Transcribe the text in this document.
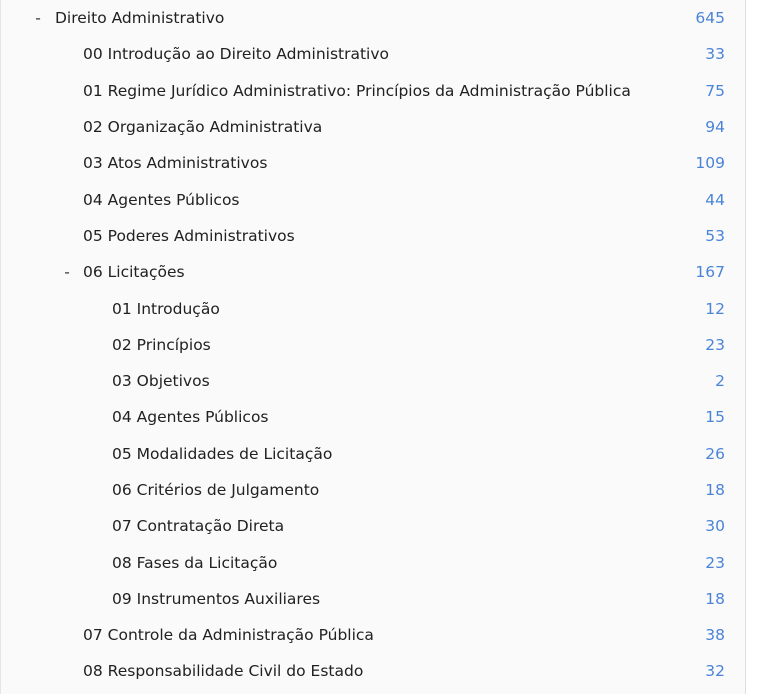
- Direito Administrativo	645
00 Introdução ao Direito Administrativo	33
01 Regime Jurídico Administrativo: Princípios da Administração Pública	75
02 Organização Administrativa	94
03 Atos Administrativos	109
04 Agentes Públicos	44
05 Poderes Administrativos	53
- 06 Licitações	167
01 Introdução	12
02 Princípios	23
03 Objetivos	2
04 Agentes Públicos	15
05 Modalidades de Licitação	26
06 Critérios de Julgamento	18
07 Contratação Direta	30
08 Fases da Licitação	23
09 Instrumentos Auxiliares	18
07 Controle da Administração Pública	38
08 Responsabilidade Civil do Estado	32
